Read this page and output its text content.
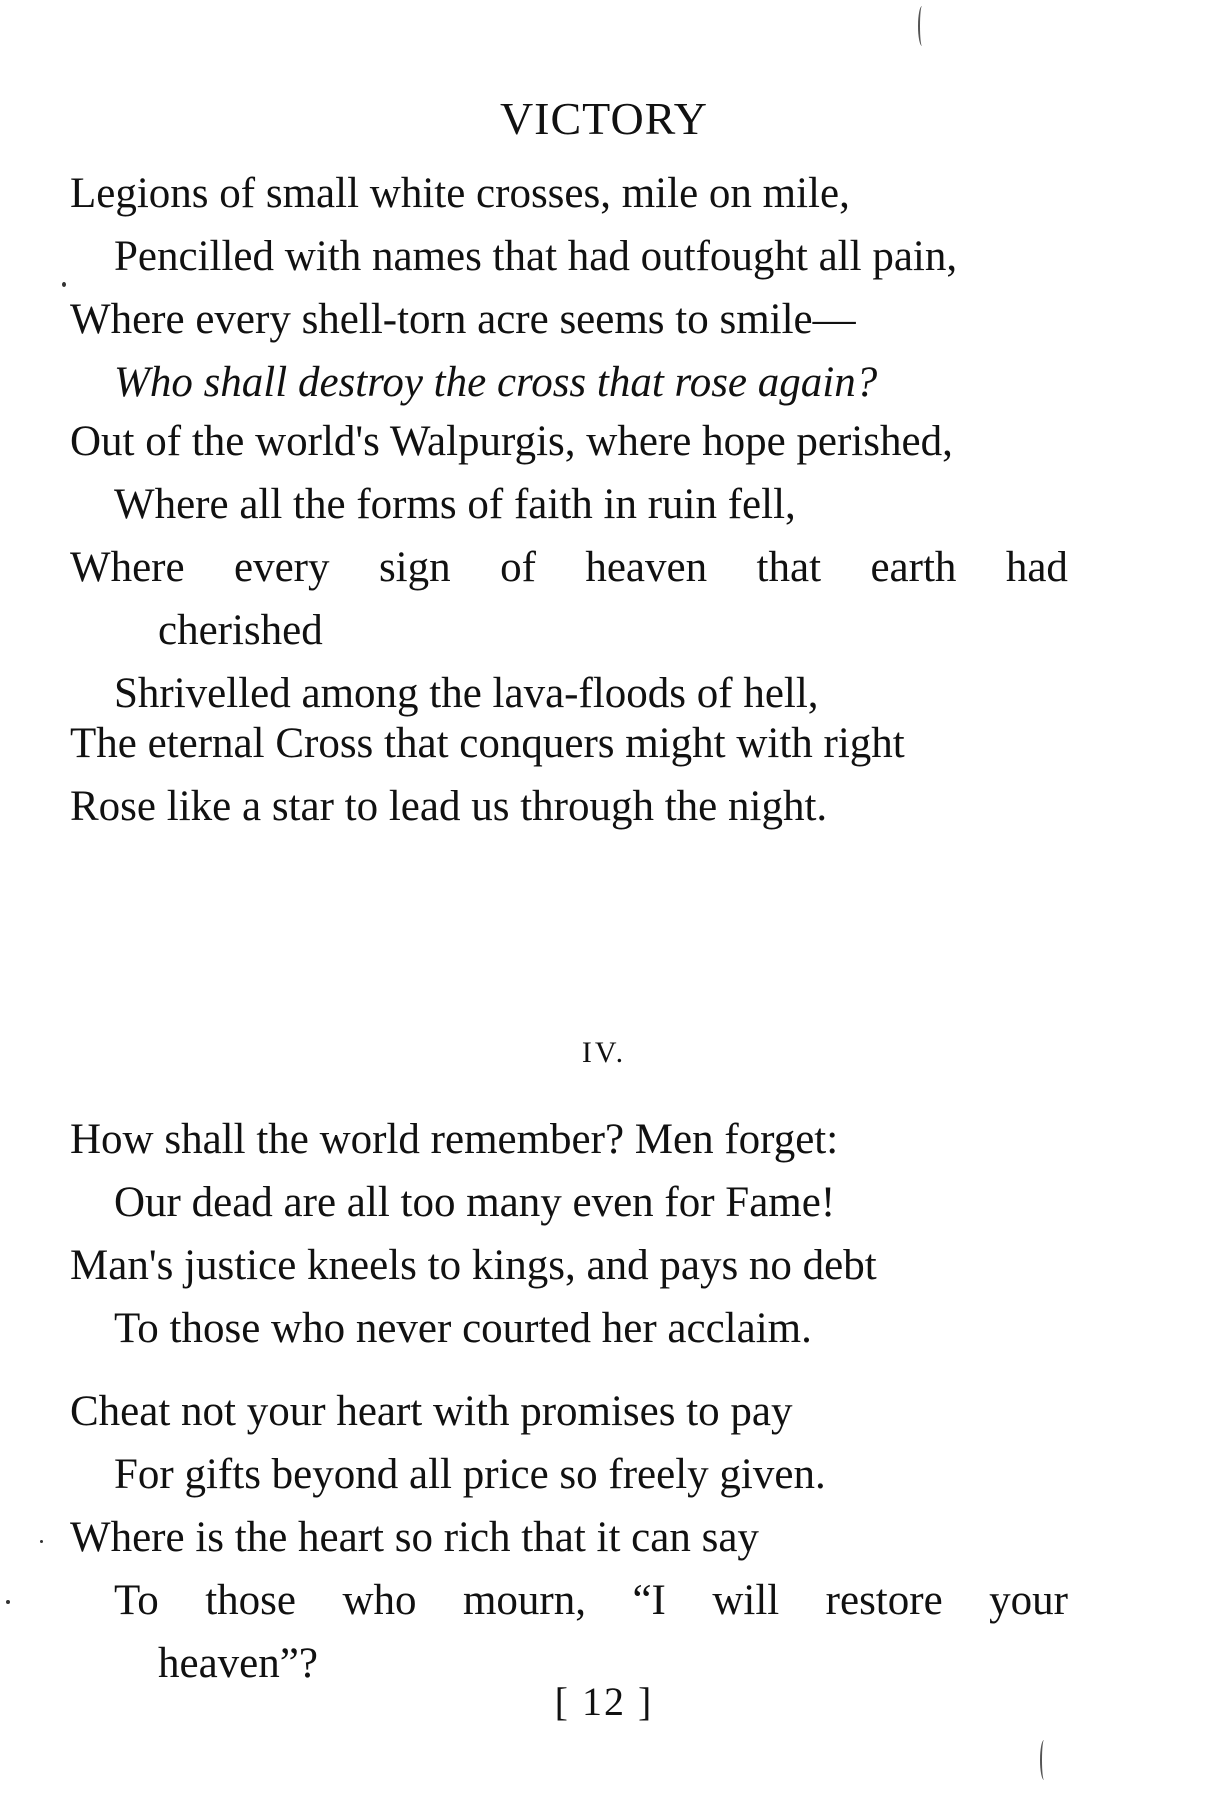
VICTORY
Legions of small white crosses, mile on mile,
Pencilled with names that had outfought all pain,
Where every shell-torn acre seems to smile—
Who shall destroy the cross that rose again?
Out of the world's Walpurgis, where hope perished,
Where all the forms of faith in ruin fell,
Where every sign of heaven that earth had
cherished
Shrivelled among the lava-floods of hell,
The eternal Cross that conquers might with right
Rose like a star to lead us through the night.
IV.
How shall the world remember? Men forget:
Our dead are all too many even for Fame!
Man's justice kneels to kings, and pays no debt
To those who never courted her acclaim.
Cheat not your heart with promises to pay
For gifts beyond all price so freely given.
Where is the heart so rich that it can say
To those who mourn, “I will restore your
heaven”?
[ 12 ]
